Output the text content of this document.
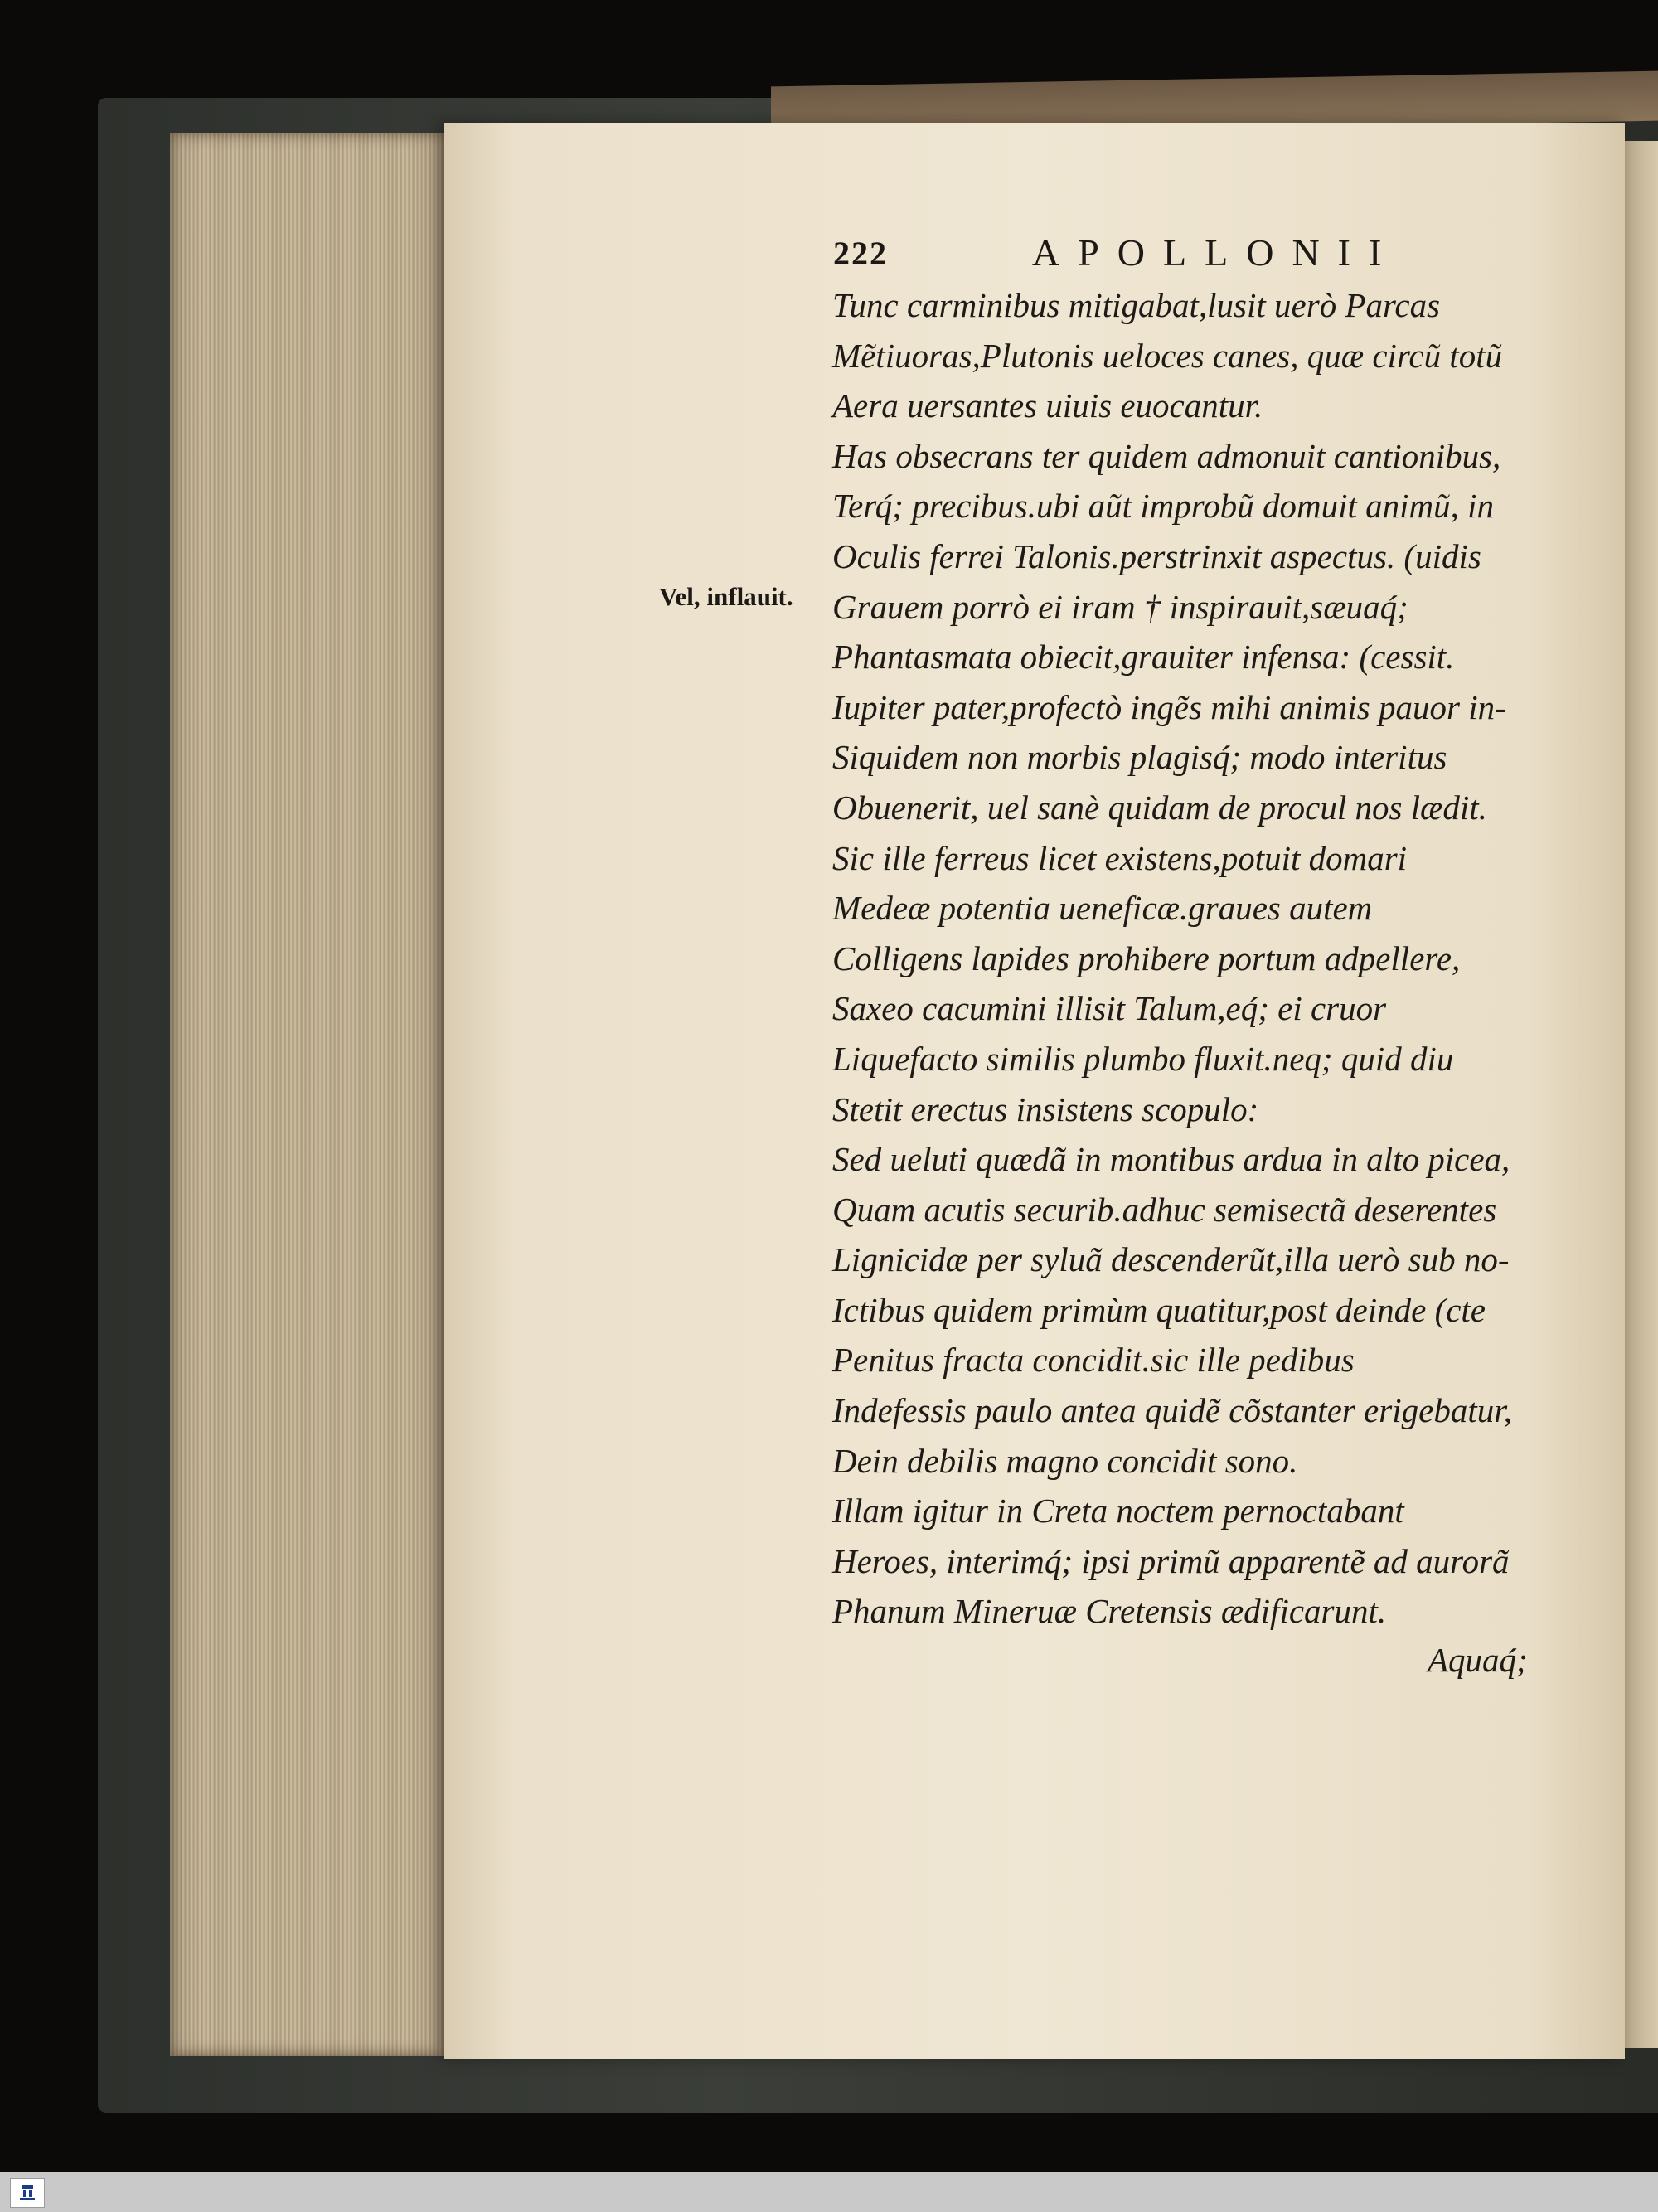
222	APOLLONII
Vel, inflauit.
Tunc carminibus mitigabat,lusit uerò Parcas
Mẽtiuoras,Plutonis ueloces canes, quæ circũ totũ
Aera uersantes uiuis euocantur.
Has obsecrans ter quidem admonuit cantionibus,
Terq́; precibus.ubi aũt improbũ domuit animũ, in
Oculis ferrei Talonis.perstrinxit aspectus. (uidis
Grauem porrò ei iram † inspirauit,sæuaq́;
Phantasmata obiecit,grauiter infensa: (cessit.
Iupiter pater,profectò ingẽs mihi animis pauor in-
Siquidem non morbis plagisq́; modo interitus
Obuenerit, uel sanè quidam de procul nos lædit.
Sic ille ferreus licet existens,potuit domari
Medeæ potentia ueneficæ.graues autem
Colligens lapides prohibere portum adpellere,
Saxeo cacumini illisit Talum,eq́; ei cruor
Liquefacto similis plumbo fluxit.neq; quid diu
Stetit erectus insistens scopulo:
Sed ueluti quædã in montibus ardua in alto picea,
Quam acutis securib.adhuc semisectã deserentes
Lignicidæ per syluã descenderũt,illa uerò sub no-
Ictibus quidem primùm quatitur,post deinde (cte
Penitus fracta concidit.sic ille pedibus
Indefessis paulo antea quidẽ cõstanter erigebatur,
Dein debilis magno concidit sono.
Illam igitur in Creta noctem pernoctabant
Heroes, interimq́; ipsi primũ apparentẽ ad aurorã
Phanum Mineruæ Cretensis ædificarunt.
Aquaq́;
